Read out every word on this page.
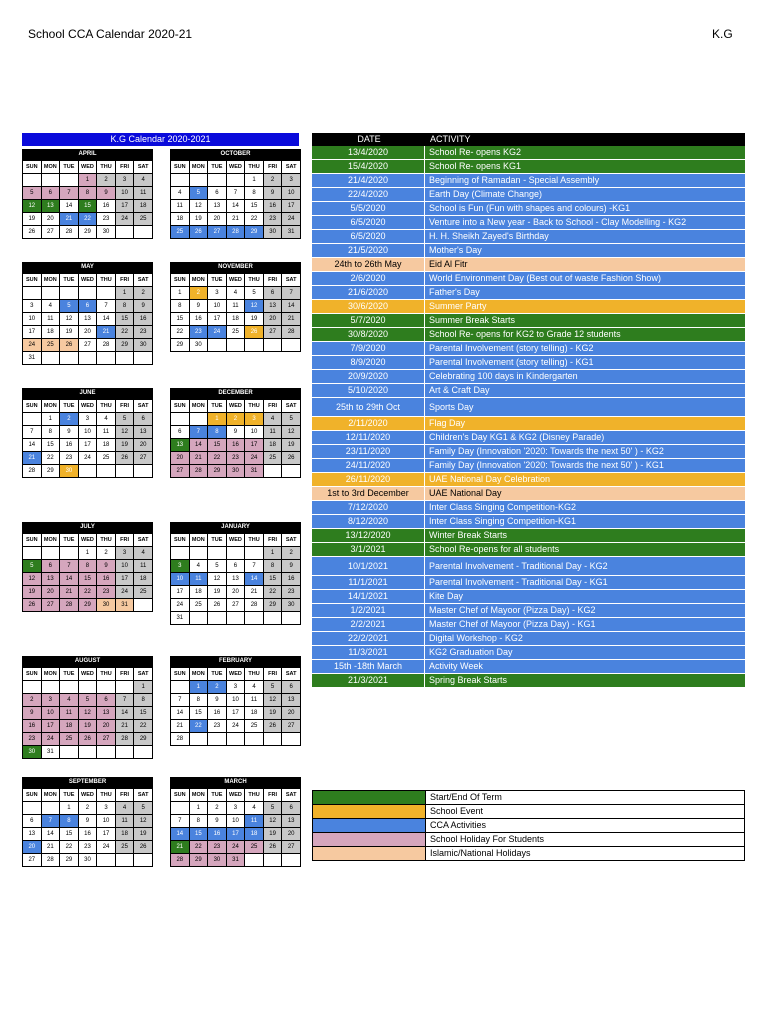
School CCA Calendar 2020-21	K.G
K.G Calendar 2020-2021
APRIL
SUN	MON	TUE	WED	THU	FRI	SAT
			1	2	3	4
5	6	7	8	9	10	11
12	13	14	15	16	17	18
19	20	21	22	23	24	25
26	27	28	29	30		
OCTOBER
SUN	MON	TUE	WED	THU	FRI	SAT
				1	2	3
4	5	6	7	8	9	10
11	12	13	14	15	16	17
18	19	20	21	22	23	24
25	26	27	28	29	30	31
MAY
SUN	MON	TUE	WED	THU	FRI	SAT
					1	2
3	4	5	6	7	8	9
10	11	12	13	14	15	16
17	18	19	20	21	22	23
24	25	26	27	28	29	30
31						
NOVEMBER
SUN	MON	TUE	WED	THU	FRI	SAT
1	2	3	4	5	6	7
8	9	10	11	12	13	14
15	16	17	18	19	20	21
22	23	24	25	26	27	28
29	30					
JUNE
SUN	MON	TUE	WED	THU	FRI	SAT
	1	2	3	4	5	6
7	8	9	10	11	12	13
14	15	16	17	18	19	20
21	22	23	24	25	26	27
28	29	30				
DECEMBER
SUN	MON	TUE	WED	THU	FRI	SAT
		1	2	3	4	5
6	7	8	9	10	11	12
13	14	15	16	17	18	19
20	21	22	23	24	25	26
27	28	29	30	31		
JULY
SUN	MON	TUE	WED	THU	FRI	SAT
			1	2	3	4
5	6	7	8	9	10	11
12	13	14	15	16	17	18
19	20	21	22	23	24	25
26	27	28	29	30	31	
JANUARY
SUN	MON	TUE	WED	THU	FRI	SAT
					1	2
3	4	5	6	7	8	9
10	11	12	13	14	15	16
17	18	19	20	21	22	23
24	25	26	27	28	29	30
31						
AUGUST
SUN	MON	TUE	WED	THU	FRI	SAT
						1
2	3	4	5	6	7	8
9	10	11	12	13	14	15
16	17	18	19	20	21	22
23	24	25	26	27	28	29
30	31					
FEBRUARY
SUN	MON	TUE	WED	THU	FRI	SAT
	1	2	3	4	5	6
7	8	9	10	11	12	13
14	15	16	17	18	19	20
21	22	23	24	25	26	27
28						
SEPTEMBER
SUN	MON	TUE	WED	THU	FRI	SAT
		1	2	3	4	5
6	7	8	9	10	11	12
13	14	15	16	17	18	19
20	21	22	23	24	25	26
27	28	29	30			
MARCH
SUN	MON	TUE	WED	THU	FRI	SAT
	1	2	3	4	5	6
7	8	9	10	11	12	13
14	15	16	17	18	19	20
21	22	23	24	25	26	27
28	29	30	31			
DATE	ACTIVITY
13/4/2020	School Re- opens KG2
15/4/2020	School Re- opens KG1
21/4/2020	Beginning of Ramadan - Special Assembly
22/4/2020	Earth Day (Climate Change)
5/5/2020	School is Fun (Fun with shapes and colours) -KG1
6/5/2020	Venture into a New year - Back to School - Clay Modelling - KG2
6/5/2020	H. H. Sheikh Zayed's Birthday
21/5/2020	Mother's Day
24th to 26th May	Eid Al Fitr
2/6/2020	World Environment Day (Best out of waste Fashion Show)
21/6/2020	Father's Day
30/6/2020	Summer Party
5/7/2020	Summer Break Starts
30/8/2020	School Re- opens for KG2 to Grade 12 students
7/9/2020	Parental Involvement (story telling) - KG2
8/9/2020	Parental Involvement (story telling) - KG1
20/9/2020	Celebrating 100 days in Kindergarten
5/10/2020	Art & Craft Day
25th to 29th Oct	Sports Day
2/11/2020	Flag Day
12/11/2020	Children's Day KG1 & KG2 (Disney Parade)
23/11/2020	Family Day (Innovation '2020: Towards the next 50' ) - KG2
24/11/2020	Family Day (Innovation '2020: Towards the next 50' ) - KG1
26/11/2020	UAE National Day Celebration
1st to 3rd December	UAE National Day
7/12/2020	Inter Class Singing Competition-KG2
8/12/2020	Inter Class Singing Competition-KG1
13/12/2020	Winter Break Starts
3/1/2021	School Re-opens for all students
10/1/2021	Parental Involvement - Traditional Day - KG2
11/1/2021	Parental Involvement - Traditional Day - KG1
14/1/2021	Kite Day
1/2/2021	Master Chef of Mayoor (Pizza Day) - KG2
2/2/2021	Master Chef of Mayoor (Pizza Day) - KG1
22/2/2021	Digital Workshop - KG2
11/3/2021	KG2 Graduation Day
15th -18th March	Activity Week
21/3/2021	Spring Break Starts
Start/End Of Term
School Event
CCA Activities
School Holiday For Students
Islamic/National Holidays
